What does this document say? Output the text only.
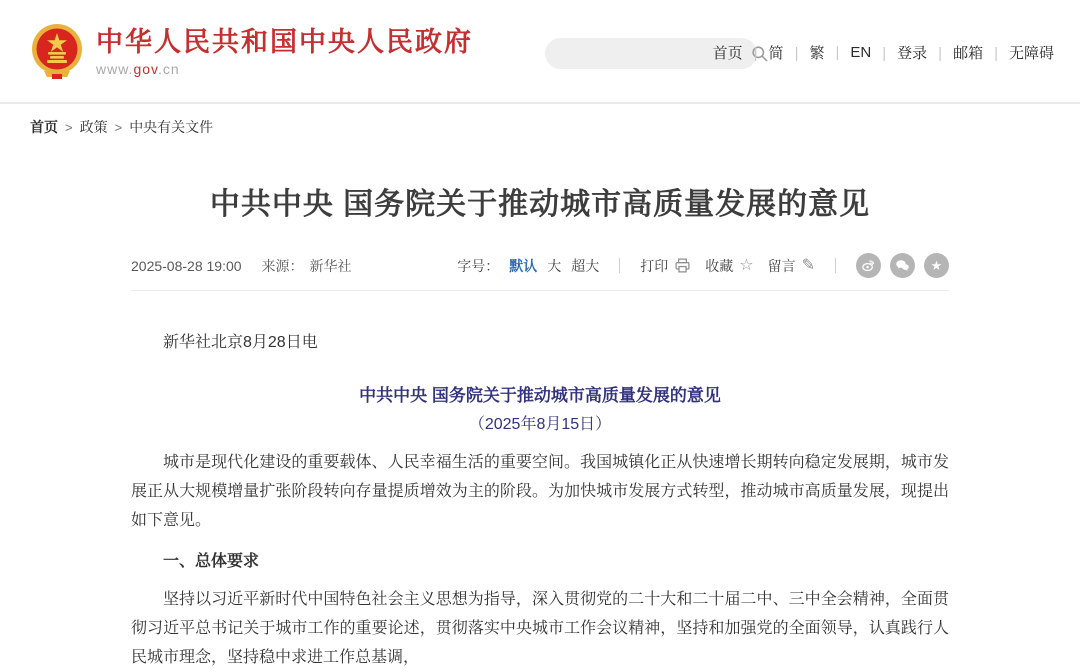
中华人民共和国中央人民政府
www.gov.cn
首页	| 简	| 繁	| EN	| 登录	| 邮箱	| 无障碍
首页 > 政策 > 中央有关文件
中共中央 国务院关于推动城市高质量发展的意见
2025-08-28 19:00 来源： 新华社	字号： 默认 大 超大	打印	收藏 ☆ 留言 ✎	★

新华社北京8月28日电

中共中央 国务院关于推动城市高质量发展的意见

（2025年8月15日）

城市是现代化建设的重要载体、人民幸福生活的重要空间。我国城镇化正从快速增长期转向稳定发展期，城市发展正从大规模增量扩张阶段转向存量提质增效为主的阶段。为加快城市发展方式转型，推动城市高质量发展，现提出如下意见。

一、总体要求

坚持以习近平新时代中国特色社会主义思想为指导，深入贯彻党的二十大和二十届二中、三中全会精神，全面贯彻习近平总书记关于城市工作的重要论述，贯彻落实中央城市工作会议精神，坚持和加强党的全面领导，认真践行人民城市理念，坚持稳中求进工作总基调，
